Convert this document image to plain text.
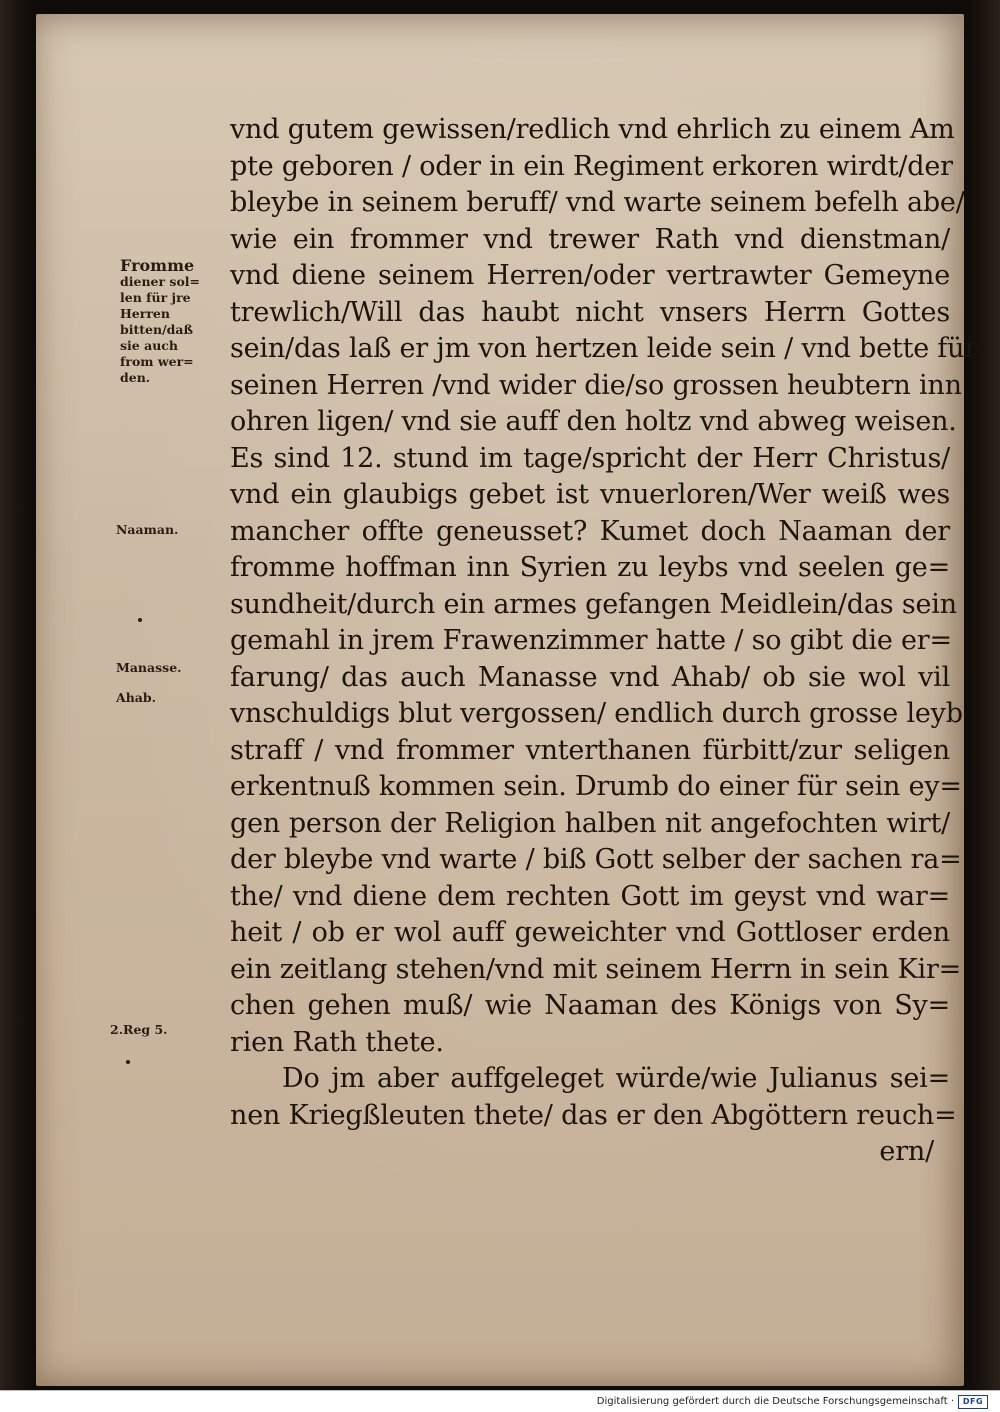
vnd gutem gewissen/redlich vnd ehrlich zu einem Am
pte geboren / oder in ein Regiment erkoren wirdt/der
bleybe in seinem beruff/ vnd warte seinem befelh abe/
wie ein frommer vnd trewer Rath vnd dienstman/
vnd diene seinem Herren/oder vertrawter Gemeyne
trewlich/Will das haubt nicht vnsers Herrn Gottes
sein/das laß er jm von hertzen leide sein / vnd bette für
seinen Herren /vnd wider die/so grossen heubtern inn
ohren ligen/ vnd sie auff den holtz vnd abweg weisen.
Es sind 12. stund im tage/spricht der Herr Christus/
vnd ein glaubigs gebet ist vnuerloren/Wer weiß wes
mancher offte geneusset? Kumet doch Naaman der
fromme hoffman inn Syrien zu leybs vnd seelen ge=
sundheit/durch ein armes gefangen Meidlein/das sein
gemahl in jrem Frawenzimmer hatte / so gibt die er=
farung/ das auch Manasse vnd Ahab/ ob sie wol vil
vnschuldigs blut vergossen/ endlich durch grosse leyb
straff / vnd frommer vnterthanen fürbitt/zur seligen
erkentnuß kommen sein. Drumb do einer für sein ey=
gen person der Religion halben nit angefochten wirt/
der bleybe vnd warte / biß Gott selber der sachen ra=
the/ vnd diene dem rechten Gott im geyst vnd war=
heit / ob er wol auff geweichter vnd Gottloser erden
ein zeitlang stehen/vnd mit seinem Herrn in sein Kir=
chen gehen muß/ wie Naaman des Königs von Sy=
rien Rath thete.
Do jm aber auffgeleget würde/wie Julianus sei=
nen Kriegßleuten thete/ das er den Abgöttern reuch=
ern/
Fromme
diener sol=
len für jre
Herren
bitten/daß
sie auch
from wer=
den.
Naaman.
Manasse.
Ahab.
2.Reg 5.
Digitalisierung gefördert durch die Deutsche Forschungsgemeinschaft ·	DFG
